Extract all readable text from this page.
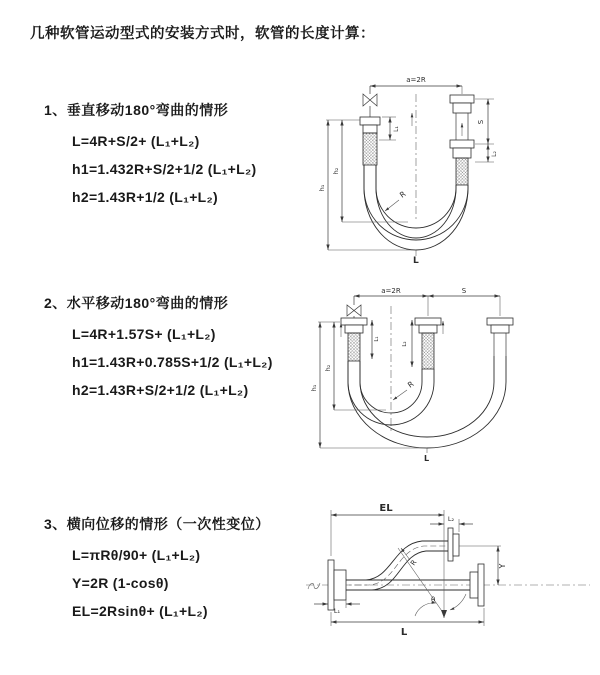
几种软管运动型式的安装方式时，软管的长度计算：
1、垂直移动180°弯曲的情形
L=4R+S/2+ (L₁+L₂)
h1=1.432R+S/2+1/2 (L₁+L₂)
h2=1.43R+1/2 (L₁+L₂)
a=2R
S
L₂
L₁
h₂
h₁
R
L
2、水平移动180°弯曲的情形
L=4R+1.57S+ (L₁+L₂)
h1=1.43R+0.785S+1/2 (L₁+L₂)
h2=1.43R+S/2+1/2 (L₁+L₂)
a=2R	S
L₁
L₂
h₂
h₁	R
L
3、横向位移的情形（一次性变位）
L=πRθ/90+ (L₁+L₂)
Y=2R (1-cosθ)
EL=2Rsinθ+ (L₁+L₂)
θ
R
EL
L₂
Y
L₁
L
